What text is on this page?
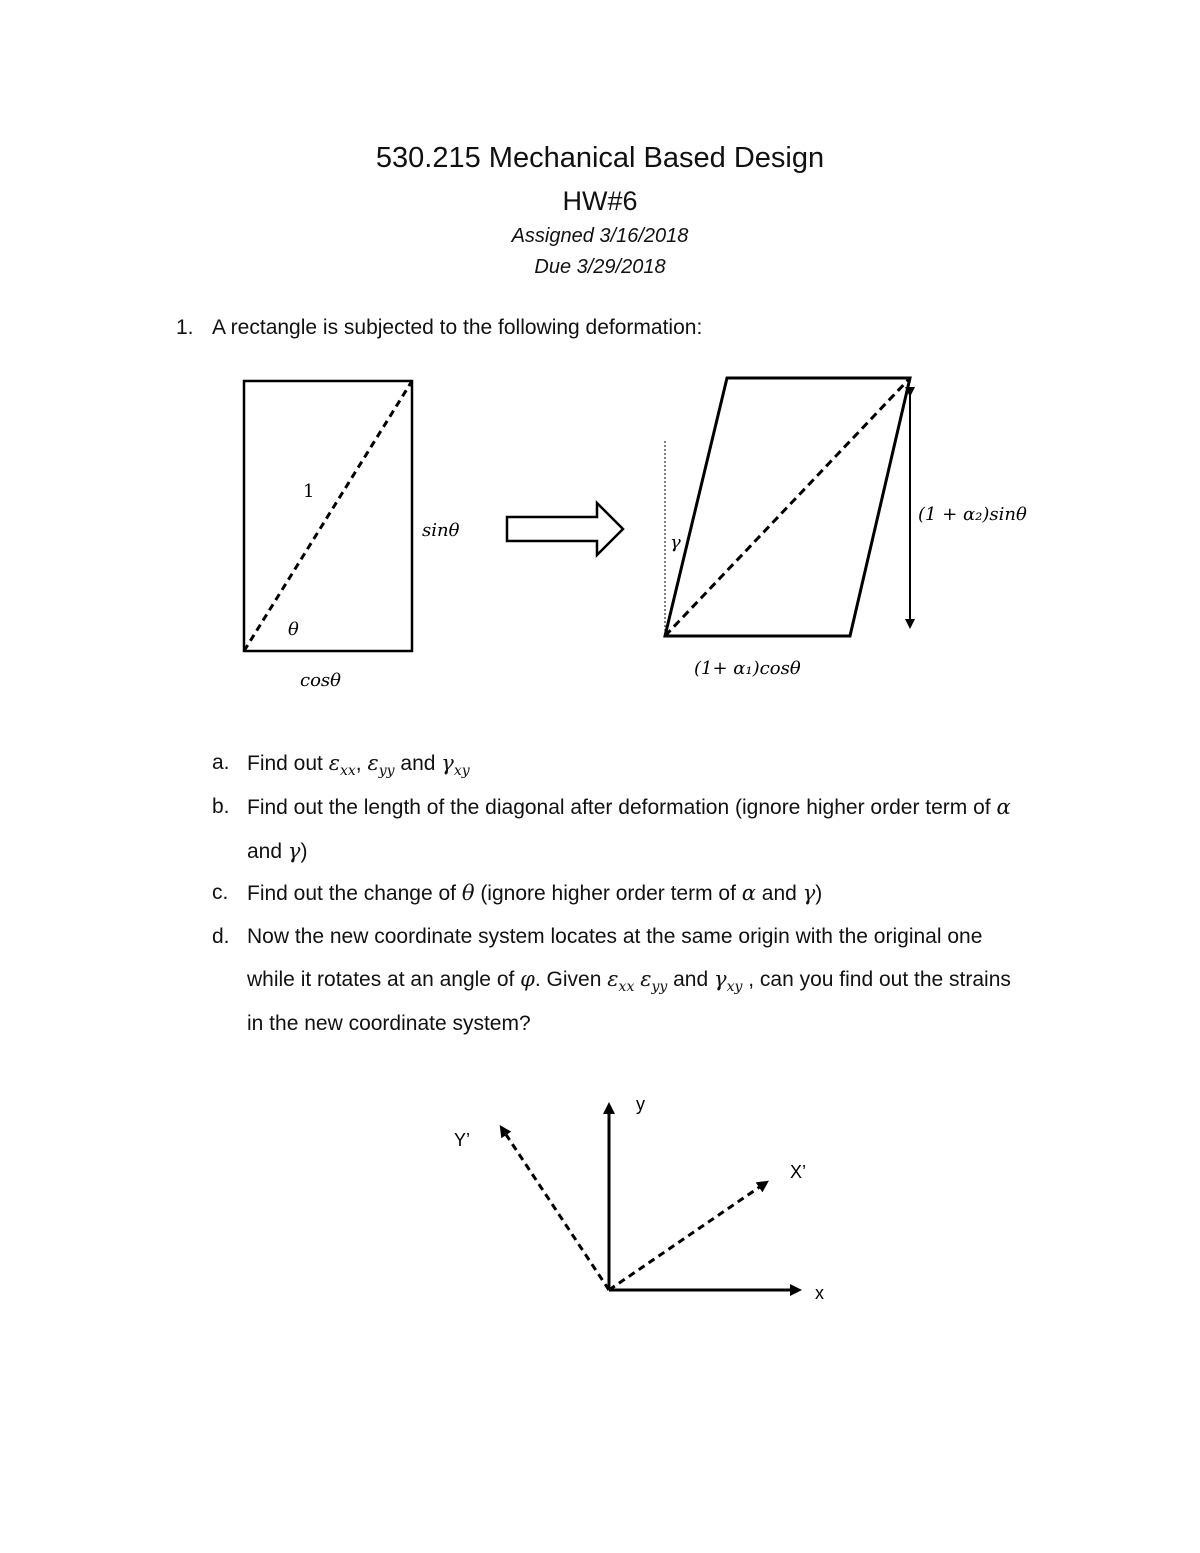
530.215 Mechanical Based Design
HW#6
Assigned 3/16/2018
Due 3/29/2018
1. A rectangle is subjected to the following deformation:
1
θ
sinθ
cosθ
γ
(1 + α₂)sinθ
(1+ α₁)cosθ
a. Find out $\varepsilon_{xx}$, $\varepsilon_{yy}$ and $\gamma_{xy}$
b. Find out the length of the diagonal after deformation (ignore higher order term of α
and γ)
c. Find out the change of θ (ignore higher order term of α and γ)
d. Now the new coordinate system locates at the same origin with the original one
while it rotates at an angle of φ. Given $\varepsilon_{xx}$ $\varepsilon_{yy}$ and $\gamma_{xy}$ , can you find out the strains
in the new coordinate system?
y
x
Y’
X’
